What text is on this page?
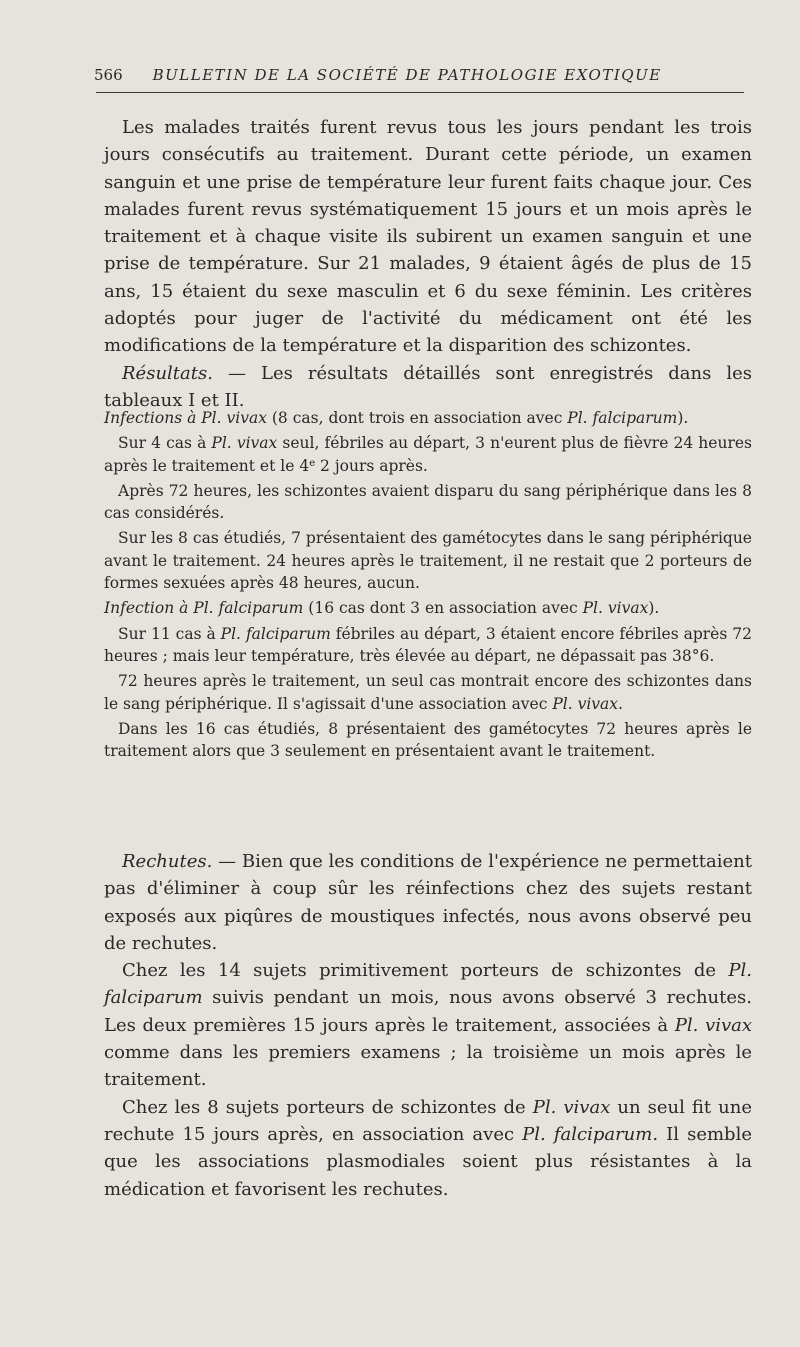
566 BULLETIN DE LA SOCIÉTÉ DE PATHOLOGIE EXOTIQUE

Les malades traités furent revus tous les jours pendant les trois jours consécutifs au traitement. Durant cette période, un examen sanguin et une prise de température leur furent faits chaque jour. Ces malades furent revus systématiquement 15 jours et un mois après le traitement et à chaque visite ils subirent un examen sanguin et une prise de température. Sur 21 malades, 9 étaient âgés de plus de 15 ans, 15 étaient du sexe masculin et 6 du sexe féminin. Les critères adoptés pour juger de l'activité du médicament ont été les modifications de la température et la disparition des schizontes.

Résultats. — Les résultats détaillés sont enregistrés dans les tableaux I et II.

Infections à Pl. vivax (8 cas, dont trois en association avec Pl. falciparum).

Sur 4 cas à Pl. vivax seul, fébriles au départ, 3 n'eurent plus de fièvre 24 heures après le traitement et le 4e 2 jours après.

Après 72 heures, les schizontes avaient disparu du sang périphérique dans les 8 cas considérés.

Sur les 8 cas étudiés, 7 présentaient des gamétocytes dans le sang périphérique avant le traitement. 24 heures après le traitement, il ne restait que 2 porteurs de formes sexuées après 48 heures, aucun.

Infection à Pl. falciparum (16 cas dont 3 en association avec Pl. vivax).

Sur 11 cas à Pl. falciparum fébriles au départ, 3 étaient encore fébriles après 72 heures ; mais leur température, très élevée au départ, ne dépassait pas 38°6.

72 heures après le traitement, un seul cas montrait encore des schizontes dans le sang périphérique. Il s'agissait d'une association avec Pl. vivax.

Dans les 16 cas étudiés, 8 présentaient des gamétocytes 72 heures après le traitement alors que 3 seulement en présentaient avant le traitement.

Rechutes. — Bien que les conditions de l'expérience ne permettaient pas d'éliminer à coup sûr les réinfections chez des sujets restant exposés aux piqûres de moustiques infectés, nous avons observé peu de rechutes.

Chez les 14 sujets primitivement porteurs de schizontes de Pl. falciparum suivis pendant un mois, nous avons observé 3 rechutes. Les deux premières 15 jours après le traitement, associées à Pl. vivax comme dans les premiers examens ; la troisième un mois après le traitement.

Chez les 8 sujets porteurs de schizontes de Pl. vivax un seul fit une rechute 15 jours après, en association avec Pl. falciparum. Il semble que les associations plasmodiales soient plus résistantes à la médication et favorisent les rechutes.
